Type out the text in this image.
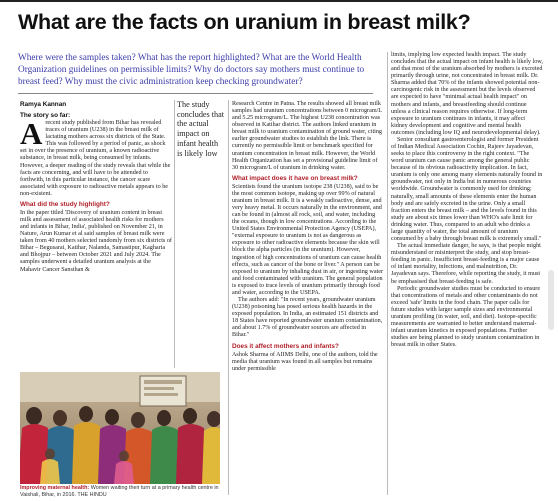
What are the facts on uranium in breast milk?
Where were the samples taken? What has the report highlighted? What are the World Health Organization guidelines on permissible limits? Why do doctors say mothers must continue to breast feed? Why must the civic administration keep checking groundwater?
Ramya Kannan
The story so far:

Arecent study published from Bihar has revealed traces of uranium (U238) in the breast milk of lactating mothers across six districts of the State. This was followed by a period of panic, as shock set in over the presence of uranium, a known radioactive substance, in breast milk, being consumed by infants. However, a deeper reading of the study reveals that while the facts are concerning, and will have to be attended to forthwith, in this particular instance, the cancer scare associated with exposure to radioactive metals appears to be non-existent.

What did the study highlight?

In the paper titled 'Discovery of uranium content in breast milk and assessment of associated health risks for mothers and infants in Bihar, India', published on November 21, in Nature, Arun Kumar et al said samples of breast milk were taken from 40 mothers selected randomly from six districts of Bihar – Begusarai, Katihar, Nalanda, Samastipur, Kagharia and Bhojpur – between October 2021 and July 2024. The samples underwent a detailed uranium analysis at the Mahavir Cancer Sansthan &

The study concludes that the actual impact on infant health is likely low

Research Centre in Patna. The results showed all breast milk samples had uranium concentrations between 0 microgram/L and 5.25 microgram/L. The highest U238 concentration was observed in Katihar district. The authors linked uranium in breast milk to uranium contamination of ground water, citing earlier groundwater studies to establish the link. There is currently no permissible limit or benchmark specified for uranium concentration in breast milk. However, the World Health Organization has set a provisional guideline limit of 30 microgram/L of uranium in drinking water.

What impact does it have on breast milk?

Scientists found the uranium isotope 238 (U238), said to be the most common isotope, making up over 99% of natural uranium in breast milk. It is a weakly radioactive, dense, and very heavy metal. It occurs naturally in the environment, and can be found in (almost all rock, soil, and water, including the oceans, though in low concentrations. According to the United States Environmental Protection Agency (USEPA), "external exposure to uranium is not as dangerous as exposure to other radioactive elements because the skin will block the alpha particles (in the uranium). However, ingestion of high concentrations of uranium can cause health effects, such as cancer of the bone or liver." A person can be exposed to uranium by inhaling dust in air, or ingesting water and food contaminated with uranium. The general population is exposed to trace levels of uranium primarily through food and water, according to the USEPA.

The authors add: "In recent years, groundwater uranium (U238) poisoning has posed serious health hazards in the exposed population. In India, an estimated 151 districts and 18 States have reported groundwater uranium contamination, and about 1.7% of groundwater sources are affected in Bihar."

Does it affect mothers and infants?

Ashok Sharma of AIIMS Delhi, one of the authors, told the media that uranium was found in all samples but remains under permissible

limits, implying low expected health impact. The study concludes that the actual impact on infant health is likely low, and that most of the uranium absorbed by mothers is excreted primarily through urine, not concentrated in breast milk. Dr. Sharma added that 70% of the infants showed potential non-carcinogenic risk in the assessment but the levels observed are expected to have "minimal actual health impact" on mothers and infants, and breastfeeding should continue unless a clinical reason requires otherwise. If long-term exposure to uranium continues in infants, it may affect kidney development and cognitive and mental health outcomes (including low IQ and neurodevelopmental delay).

Senior consultant gastroenterologist and former President of Indian Medical Association Cochin, Rajeev Jayadevan, seeks to place this controversy in the right context. "The word uranium can cause panic among the general public because of its obvious radioactivity implication. In fact, uranium is only one among many elements naturally found in groundwater, not only in India but in numerous countries worldwide. Groundwater is commonly used for drinking; naturally, small amounts of these elements enter the human body and are safely excreted in the urine. Only a small fraction enters the breast milk – and the levels found in this study are about six times lower than WHO's safe limit for drinking water. Thus, compared to an adult who drinks a large quantity of water, the total amount of uranium consumed by a baby through breast milk is extremely small."

The actual immediate danger, he says, is that people might misunderstand or misinterpret the study, and stop breast-feeding in panic. Insufficient breast-feeding is a major cause of infant mortality, infections, and malnutrition, Dr. Jayadevan says. Therefore, while reporting the study, it must be emphasised that breast-feeding is safe.

Periodic groundwater studies must be conducted to ensure that concentrations of metals and other contaminants do not exceed 'safe' limits in the food chain. The paper calls for future studies with larger sample sizes and environmental uranium profiling (in water, soil, and diet). Isotope-specific measurements are warranted to better understand maternal-infant uranium kinetics in exposed populations. Further studies are being planned to study uranium contamination in breast milk in other States.

Improving maternal health: Women waiting their turn at a primary health centre in Vaishali, Bihar, in 2016. THE HINDU
